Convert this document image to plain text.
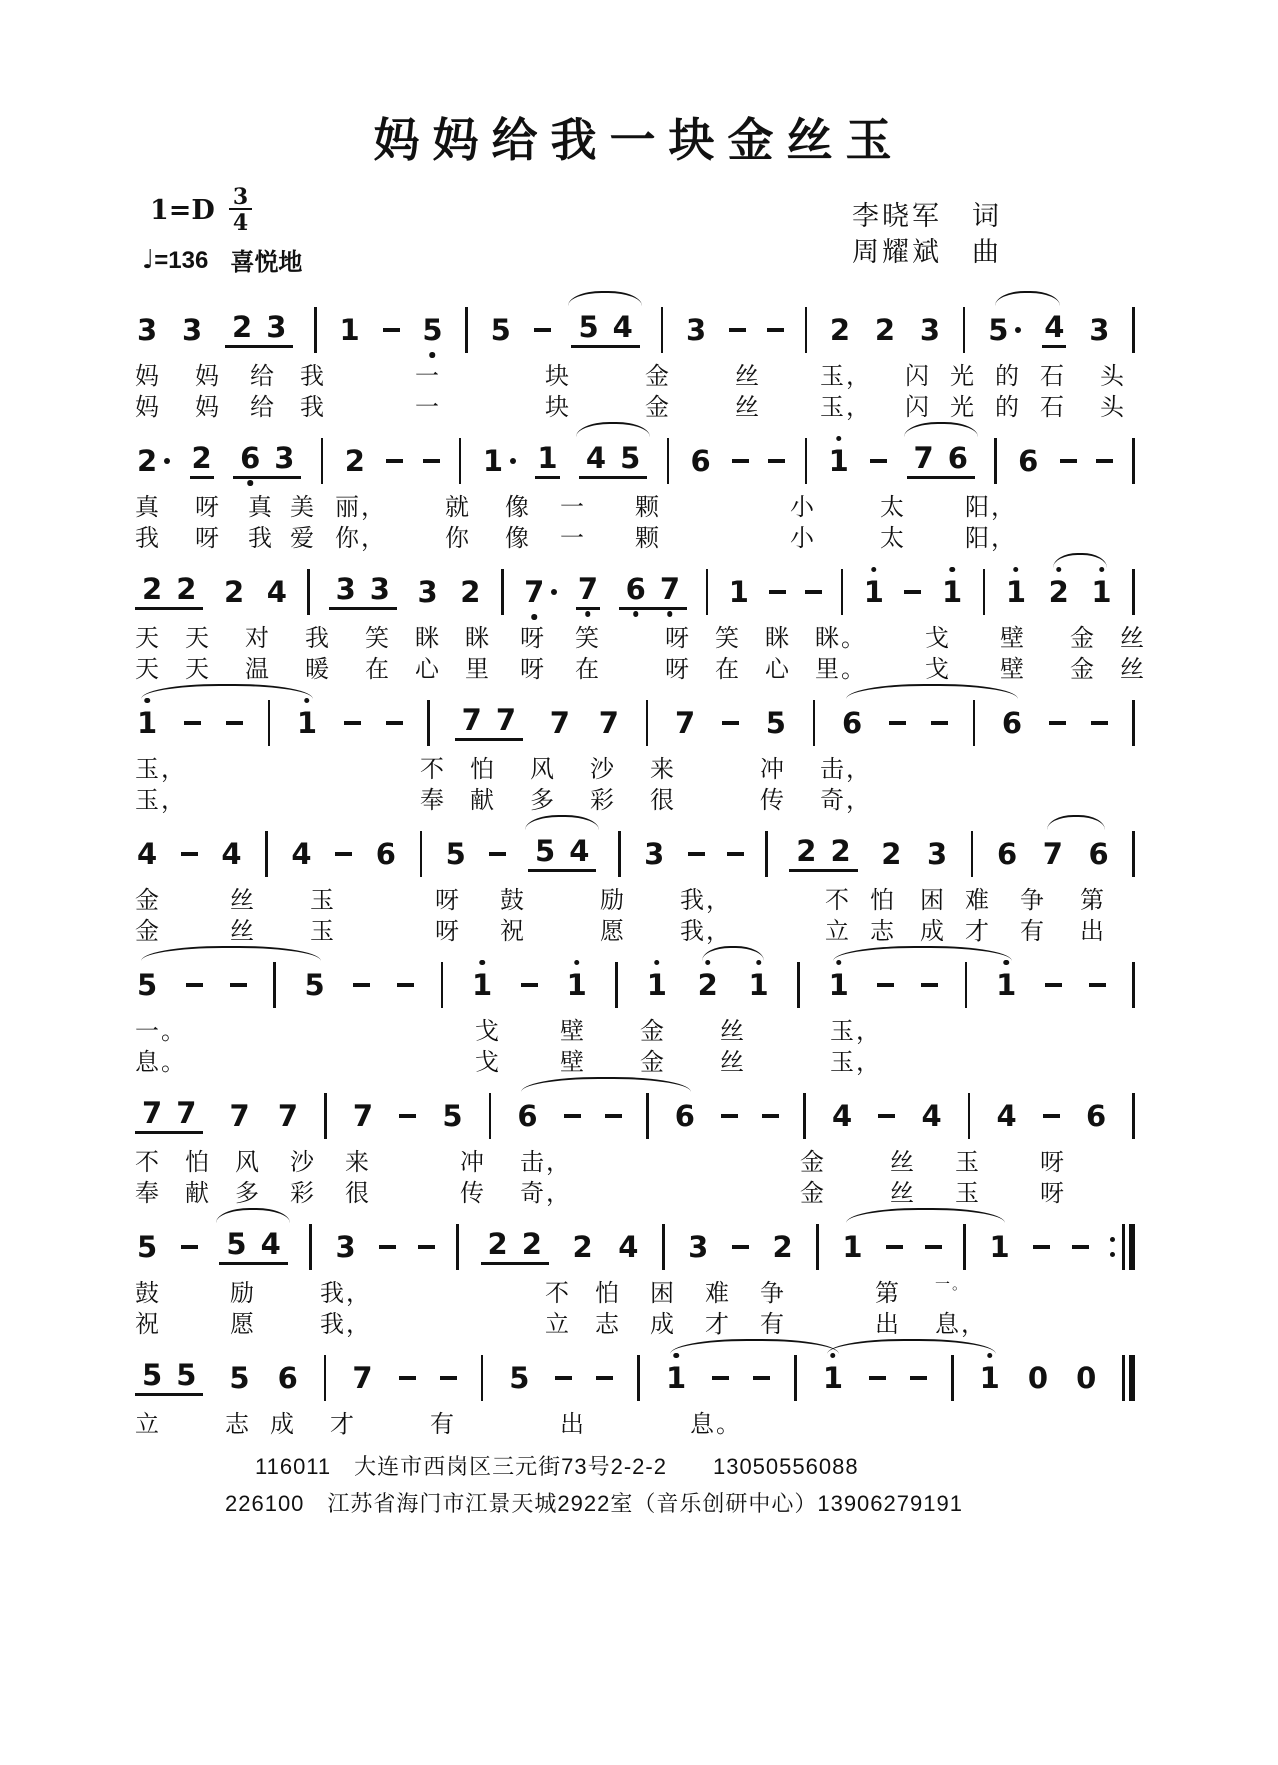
妈妈给我一块金丝玉
$1=D \frac{3}{4}$
♩=136 喜悦地
李晓军　词
周耀斌　曲
3 3 2 3 1 5 5 5 4 3	2 2 3 5 4 3
妈 妈 给 我	一	块	金	丝 玉， 闪 光 的 石 头
妈 妈 给 我	一	块	金	丝 玉， 闪 光 的 石 头
2 2 6 3 2	1 1 4 5 6	1 7 6 6
真 呀 真 美 丽， 就 像 一 颗	小	太 阳，
我 呀 我 爱 你， 你 像 一 颗	小	太 阳，
2 2 2 4 3 3 3 2 7 7 6 7 1	1 1 1 2 1
天 天 对 我 笑 眯 眯 呀 笑	呀 笑 眯 眯。 戈 壁 金 丝
天 天 温 暖 在 心 里 呀 在	呀 在 心 里。 戈 壁 金 丝
1	1	7 7 7 7 7 5 6	6
玉，	不 怕 风 沙 来	冲 击，
玉，	奉 献 多 彩 很	传 奇，
4 4 4 6 5 5 4 3	2 2 2 3 6 7 6
金	丝 玉	呀 鼓	励 我，	不 怕 困 难 争 第
金	丝 玉	呀 祝	愿 我，	立 志 成 才 有 出
5	5	1	1 1 2 1 1	1
一。	戈 壁 金 丝	玉，
息。	戈 壁 金 丝	玉，
7 7 7 7 7 5 6	6	4 4 4 6
不 怕 风 沙 来	冲 击，	金	丝 玉 呀
奉 献 多 彩 很	传 奇，	金	丝 玉 呀
5 5 4 3	2 2 2 4 3 2 1	1
鼓	励	我，	不 怕 困 难 争	第 一。
祝	愿	我，	立 志 成 才 有	出 息，
5 5 5 6 7	5	1	1	1 0 0
立	志 成 才	有	出	息。
116011　大连市西岗区三元街73号2-2-2　　13050556088
226100　江苏省海门市江景天城2922室（音乐创研中心）13906279191
